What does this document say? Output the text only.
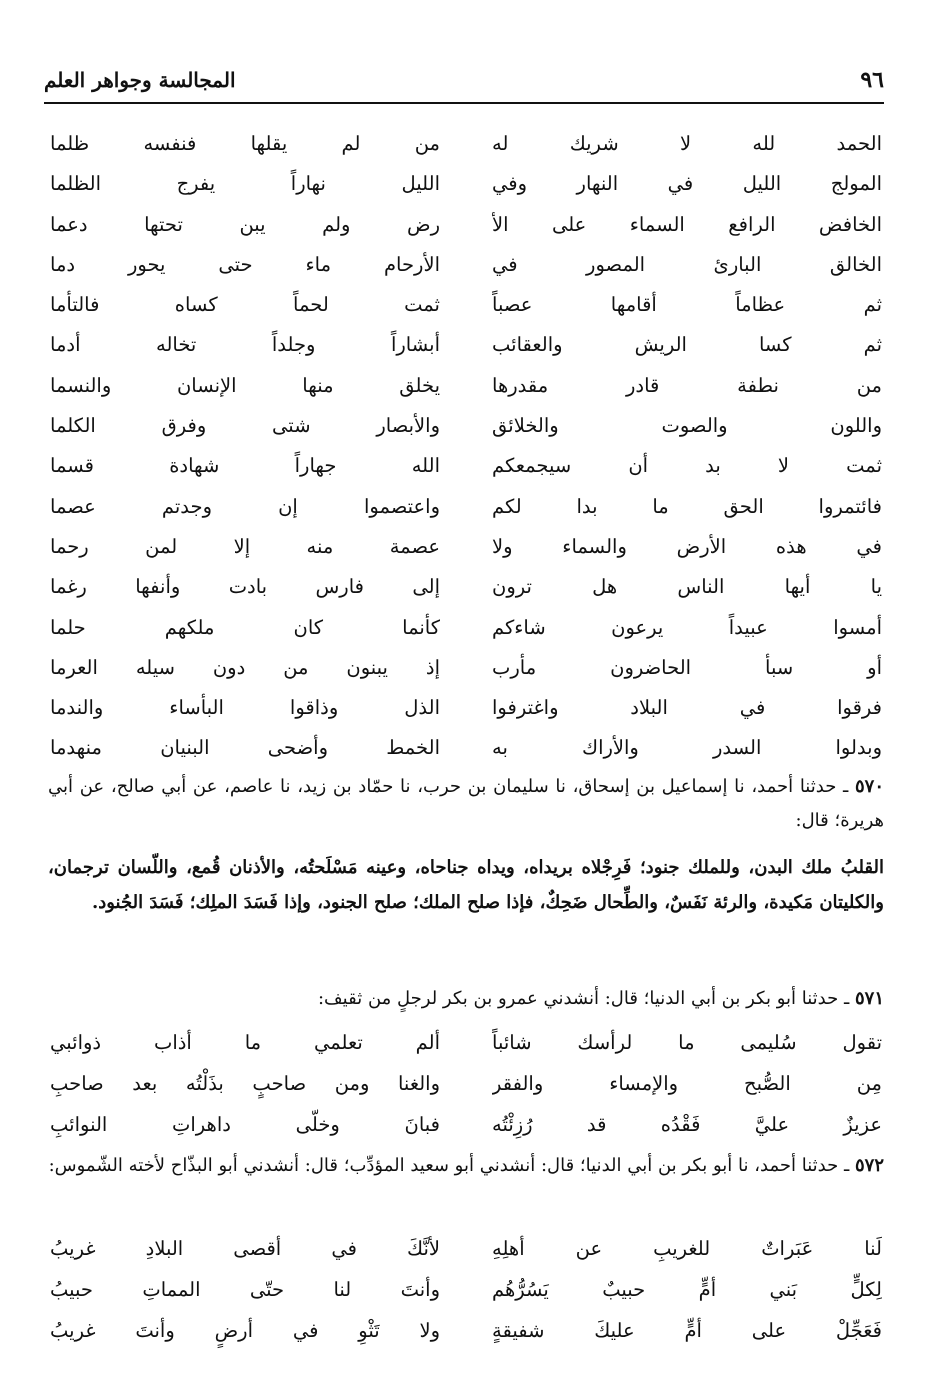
٩٦
المجالسة وجواهر العلم
الحمد لله لا شريك له
من لم يقلها فنفسه ظلما
المولج الليل في النهار وفي
الليل نهاراً يفرج الظلما
الخافض الرافع السماء على الأ
رض ولم يبن تحتها دعما
الخالق البارئ المصور في
الأرحام ماء حتى يحور دما
ثم عظاماً أقامها عصباً
ثمت لحماً كساه فالتأما
ثم كسا الريش والعقائب
أبشاراً وجلداً تخاله أدما
من نطفة قادر مقدرها
يخلق منها الإنسان والنسما
واللون والصوت والخلائق
والأبصار شتى وفرق الكلما
ثمت لا بد أن سيجمعكم
الله جهاراً شهادة قسما
فائتمروا الحق ما بدا لكم
واعتصموا إن وجدتم عصما
في هذه الأرض والسماء ولا
عصمة منه إلا لمن رحما
يا أيها الناس هل ترون
إلى فارس بادت وأنفها رغما
أمسوا عبيداً يرعون شاءكم
كأنما كان ملكهم حلما
أو سبأ الحاضرون مأرب
إذ يبنون من دون سيله العرما
فرقوا في البلاد واغترفوا
الذل وذاقوا البأساء والندما
وبدلوا السدر والأراك به
الخمط وأضحى البنيان منهدما
٥٧٠ ـ حدثنا أحمد، نا إسماعيل بن إسحاق، نا سليمان بن حرب، نا حمّاد بن زيد، نا عاصم، عن أبي صالح، عن أبي هريرة؛ قال:
القلبُ ملك البدن، وللملك جنود؛ فَرِجْلاه بريداه، ويداه جناحاه، وعينه مَسْلَحتُه، والأذنان قُمع، واللّسان ترجمان، والكليتان مَكيدة، والرئة نَفَسٌ، والطِّحال ضَحِكٌ، فإذا صلح الملك؛ صلح الجنود، وإذا فَسَدَ الملِك؛ فَسَدَ الجُنود.
٥٧١ ـ حدثنا أبو بكر بن أبي الدنيا؛ قال: أنشدني عمرو بن بكر لرجلٍ من ثقيف:
تقول سُليمى ما لرأسك شائباً
ألم تعلمي ما أذاب ذوائبي
مِن الصُّبح والإمساء والفقر
والغنا ومن صاحبٍ بذَلْتُه بعد صاحبِ
عزيزٌ عليَّ فَقْدُه قد رُزِئْتُه
فبانَ وخلّى داهراتِ النوائبِ
٥٧٢ ـ حدثنا أحمد، نا أبو بكر بن أبي الدنيا؛ قال: أنشدني أبو سعيد المؤدِّب؛ قال: أنشدني أبو البذّاح لأخته الشّموس:
لَنا عَبَراتٌ للغريبِ عن أهلِهِ
لأنَّكَ في أقصى البلادِ غريبُ
لِكلٍّ بَني أمٍّ حبيبٌ يَسُرُّهُم
وأنتَ لنا حتّى المماتِ حبيبُ
فَعَجِّلْ على أمٍّ عليكَ شفيقةٍ
ولا تَثْوِ في أرضٍ وأنتَ غريبُ
